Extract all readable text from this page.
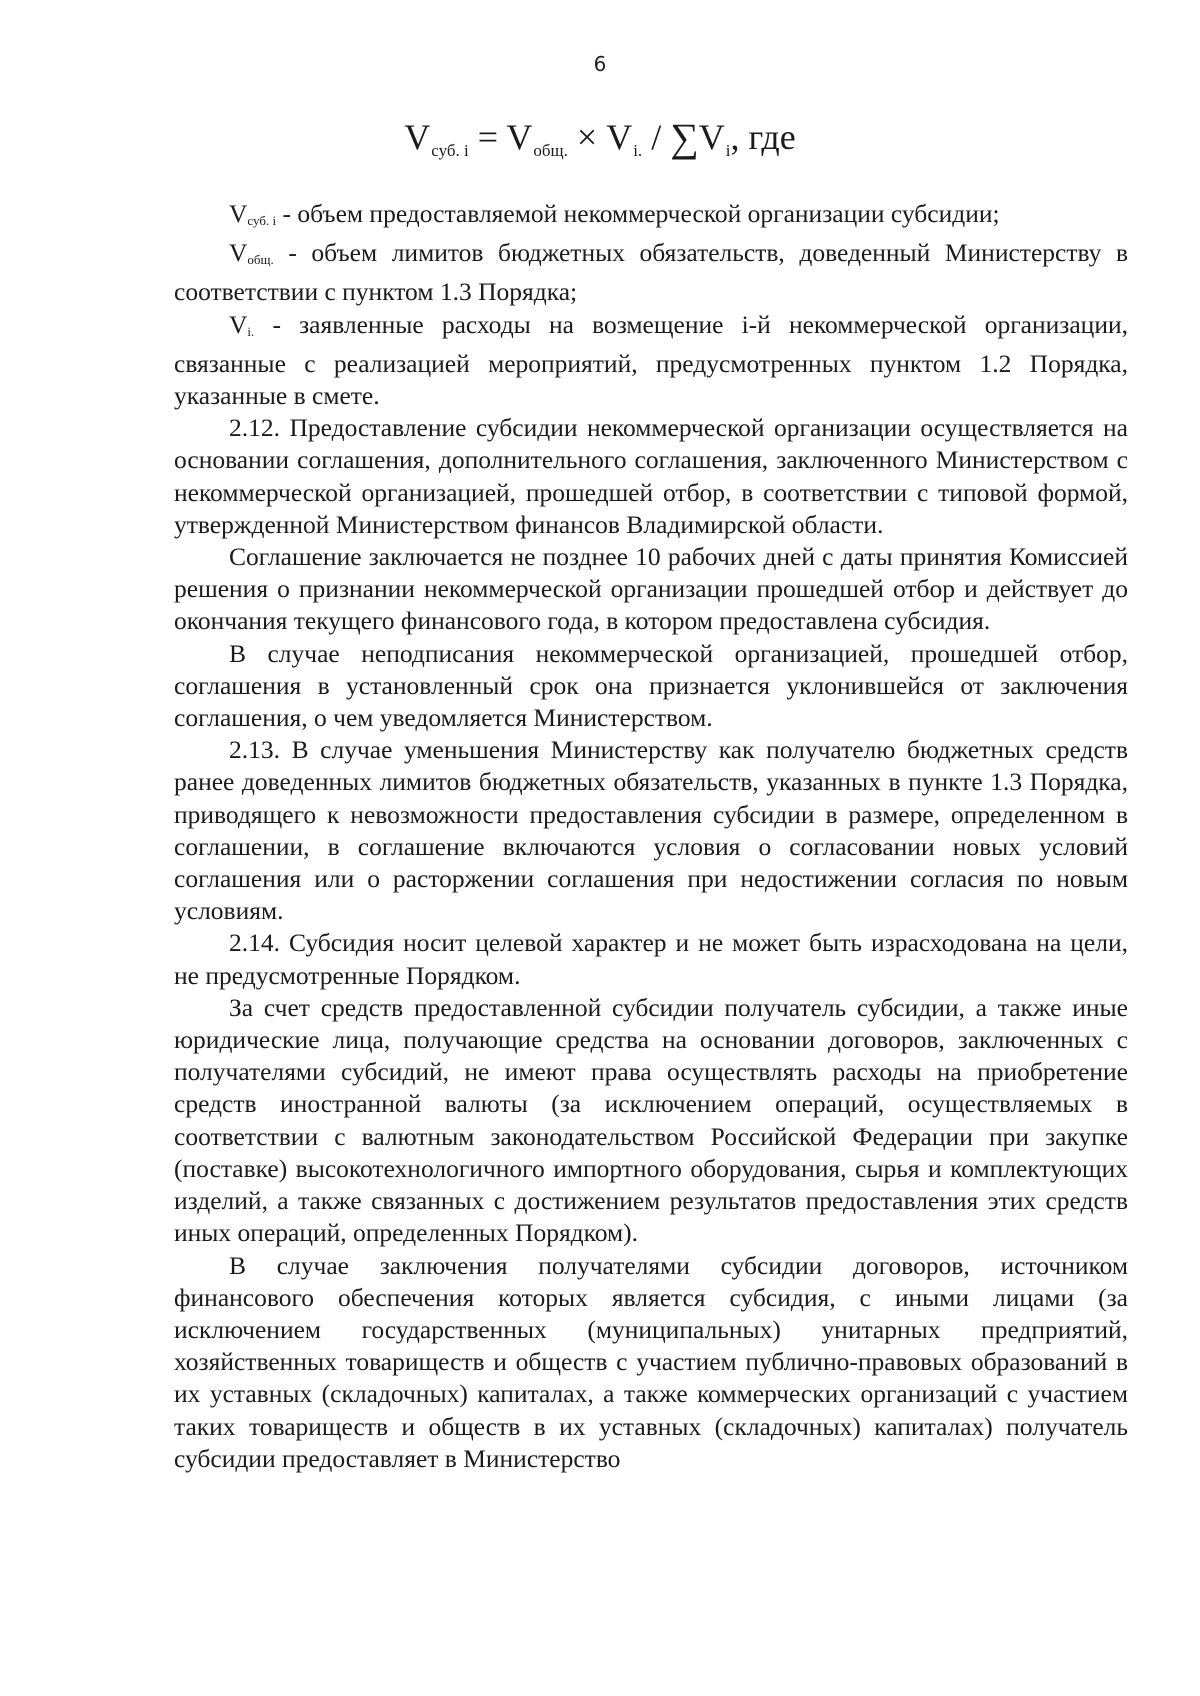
6
$V_{суб. i} = V_{общ.} \times V_{i.} / \sum V_i$, где

$V_{суб. i}$ - объем предоставляемой некоммерческой организации субсидии;

$V_{общ.}$ - объем лимитов бюджетных обязательств, доведенный Министерству в соответствии с пунктом 1.3 Порядка;

$V_{i.}$ - заявленные расходы на возмещение i-й некоммерческой организации, связанные с реализацией мероприятий, предусмотренных пунктом 1.2 Порядка, указанные в смете.

2.12. Предоставление субсидии некоммерческой организации осуществляется на основании соглашения, дополнительного соглашения, заключенного Министерством с некоммерческой организацией, прошедшей отбор, в соответствии с типовой формой, утвержденной Министерством финансов Владимирской области.

Соглашение заключается не позднее 10 рабочих дней с даты принятия Комиссией решения о признании некоммерческой организации прошедшей отбор и действует до окончания текущего финансового года, в котором предоставлена субсидия.

В случае неподписания некоммерческой организацией, прошедшей отбор, соглашения в установленный срок она признается уклонившейся от заключения соглашения, о чем уведомляется Министерством.

2.13. В случае уменьшения Министерству как получателю бюджетных средств ранее доведенных лимитов бюджетных обязательств, указанных в пункте 1.3 Порядка, приводящего к невозможности предоставления субсидии в размере, определенном в соглашении, в соглашение включаются условия о согласовании новых условий соглашения или о расторжении соглашения при недостижении согласия по новым условиям.

2.14. Субсидия носит целевой характер и не может быть израсходована на цели, не предусмотренные Порядком.

За счет средств предоставленной субсидии получатель субсидии, а также иные юридические лица, получающие средства на основании договоров, заключенных с получателями субсидий, не имеют права осуществлять расходы на приобретение средств иностранной валюты (за исключением операций, осуществляемых в соответствии с валютным законодательством Российской Федерации при закупке (поставке) высокотехнологичного импортного оборудования, сырья и комплектующих изделий, а также связанных с достижением результатов предоставления этих средств иных операций, определенных Порядком).

В случае заключения получателями субсидии договоров, источником финансового обеспечения которых является субсидия, с иными лицами (за исключением государственных (муниципальных) унитарных предприятий, хозяйственных товариществ и обществ с участием публично-правовых образований в их уставных (складочных) капиталах, а также коммерческих организаций с участием таких товариществ и обществ в их уставных (складочных) капиталах) получатель субсидии предоставляет в Министерство
